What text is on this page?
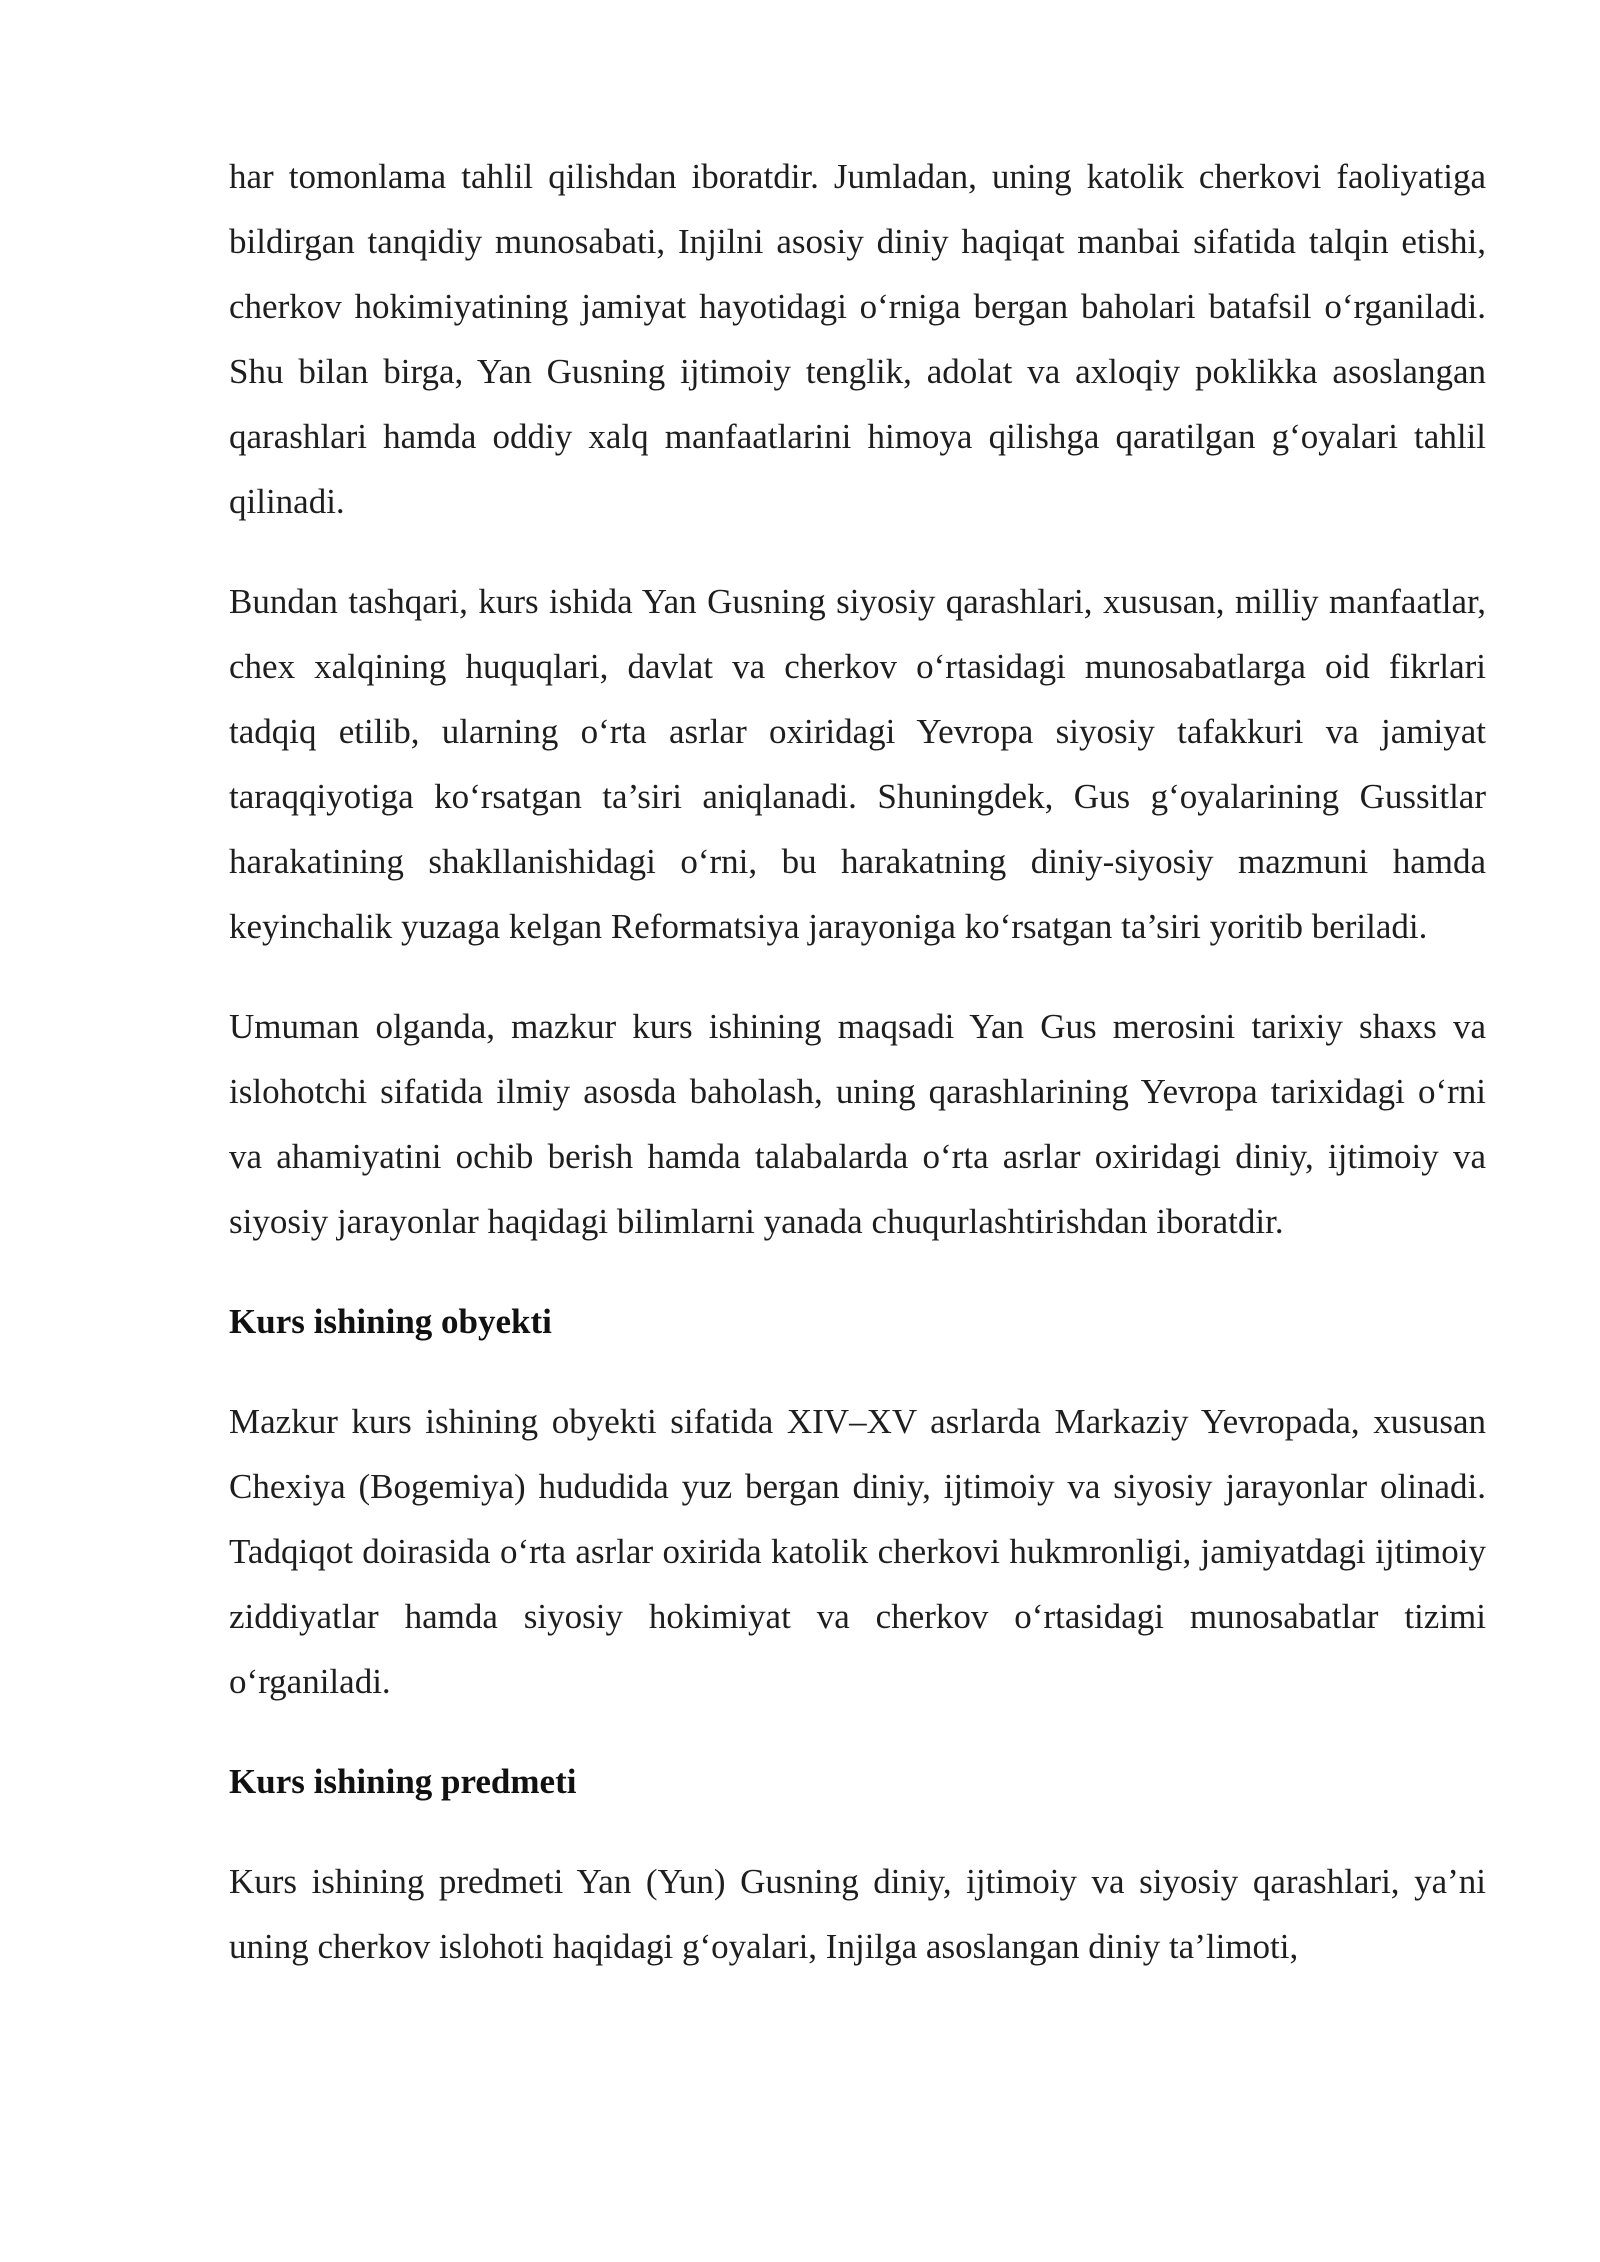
har tomonlama tahlil qilishdan iboratdir. Jumladan, uning katolik cherkovi faoliyatiga bildirgan tanqidiy munosabati, Injilni asosiy diniy haqiqat manbai sifatida talqin etishi, cherkov hokimiyatining jamiyat hayotidagi o‘rniga bergan baholari batafsil o‘rganiladi. Shu bilan birga, Yan Gusning ijtimoiy tenglik, adolat va axloqiy poklikka asoslangan qarashlari hamda oddiy xalq manfaatlarini himoya qilishga qaratilgan g‘oyalari tahlil qilinadi.

Bundan tashqari, kurs ishida Yan Gusning siyosiy qarashlari, xususan, milliy manfaatlar, chex xalqining huquqlari, davlat va cherkov o‘rtasidagi munosabatlarga oid fikrlari tadqiq etilib, ularning o‘rta asrlar oxiridagi Yevropa siyosiy tafakkuri va jamiyat taraqqiyotiga ko‘rsatgan ta’siri aniqlanadi. Shuningdek, Gus g‘oyalarining Gussitlar harakatining shakllanishidagi o‘rni, bu harakatning diniy-siyosiy mazmuni hamda keyinchalik yuzaga kelgan Reformatsiya jarayoniga ko‘rsatgan ta’siri yoritib beriladi.

Umuman olganda, mazkur kurs ishining maqsadi Yan Gus merosini tarixiy shaxs va islohotchi sifatida ilmiy asosda baholash, uning qarashlarining Yevropa tarixidagi o‘rni va ahamiyatini ochib berish hamda talabalarda o‘rta asrlar oxiridagi diniy, ijtimoiy va siyosiy jarayonlar haqidagi bilimlarni yanada chuqurlashtirishdan iboratdir.

Kurs ishining obyekti

Mazkur kurs ishining obyekti sifatida XIV–XV asrlarda Markaziy Yevropada, xususan Chexiya (Bogemiya) hududida yuz bergan diniy, ijtimoiy va siyosiy jarayonlar olinadi. Tadqiqot doirasida o‘rta asrlar oxirida katolik cherkovi hukmronligi, jamiyatdagi ijtimoiy ziddiyatlar hamda siyosiy hokimiyat va cherkov o‘rtasidagi munosabatlar tizimi o‘rganiladi.

Kurs ishining predmeti

Kurs ishining predmeti Yan (Yun) Gusning diniy, ijtimoiy va siyosiy qarashlari, ya’ni uning cherkov islohoti haqidagi g‘oyalari, Injilga asoslangan diniy ta’limoti,
